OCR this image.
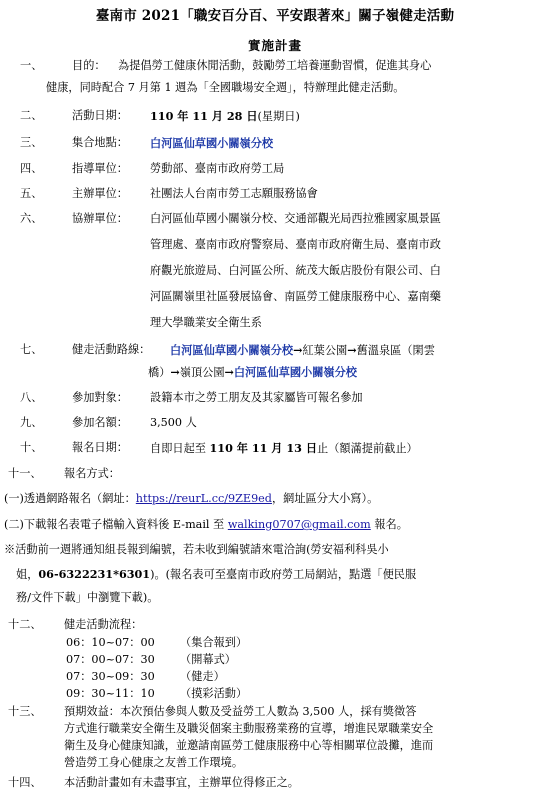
臺南市 2021「職安百分百、平安跟著來」關子嶺健走活動
實施計畫
一、	目的： 為提倡勞工健康休閒活動，鼓勵勞工培養運動習慣，促進其身心
健康，同時配合 7 月第 1 週為「全國職場安全週」，特辦理此健走活動。
二、	活動日期： 110 年 11 月 28 日(星期日)
三、	集合地點： 白河區仙草國小關嶺分校
四、	指導單位： 勞動部、臺南市政府勞工局
五、	主辦單位： 社團法人台南市勞工志願服務協會
六、	協辦單位： 白河區仙草國小關嶺分校、交通部觀光局西拉雅國家風景區
管理處、臺南市政府警察局、臺南市政府衛生局、臺南市政
府觀光旅遊局、白河區公所、統茂大飯店股份有限公司、白
河區關嶺里社區發展協會、南區勞工健康服務中心、嘉南藥
理大學職業安全衛生系
七、	健走活動路線： 白河區仙草國小關嶺分校→紅葉公園→舊溫泉區（閑雲
橋）→嶺頂公園→白河區仙草國小關嶺分校
八、	參加對象： 設籍本市之勞工朋友及其家屬皆可報名參加
九、	參加名額： 3,500 人
十、	報名日期： 自即日起至 110 年 11 月 13 日止（額滿提前截止）
十一、 報名方式：
(一)透過網路報名（網址：https://reurL.cc/9ZE9ed，網址區分大小寫）。
(二)下載報名表電子檔輸入資料後 E-mail 至 walking0707@gmail.com 報名。
※活動前一週將通知組長報到編號，若未收到編號請來電洽詢(勞安福利科吳小
姐，06-6322231*6301)。(報名表可至臺南市政府勞工局網站，點選「便民服
務/文件下載」中瀏覽下載)。
十二、 健走活動流程：
06：10~07：00 （集合報到）
07：00~07：30 （開幕式）
07：30~09：30 （健走）
09：30~11：10 （摸彩活動）
十三、 預期效益：本次預估參與人數及受益勞工人數為 3,500 人，採有獎徵答
方式進行職業安全衛生及職災個案主動服務業務的宣導，增進民眾職業安全
衛生及身心健康知識，並邀請南區勞工健康服務中心等相關單位設攤，進而
營造勞工身心健康之友善工作環境。
十四、 本活動計畫如有未盡事宜，主辦單位得修正之。
